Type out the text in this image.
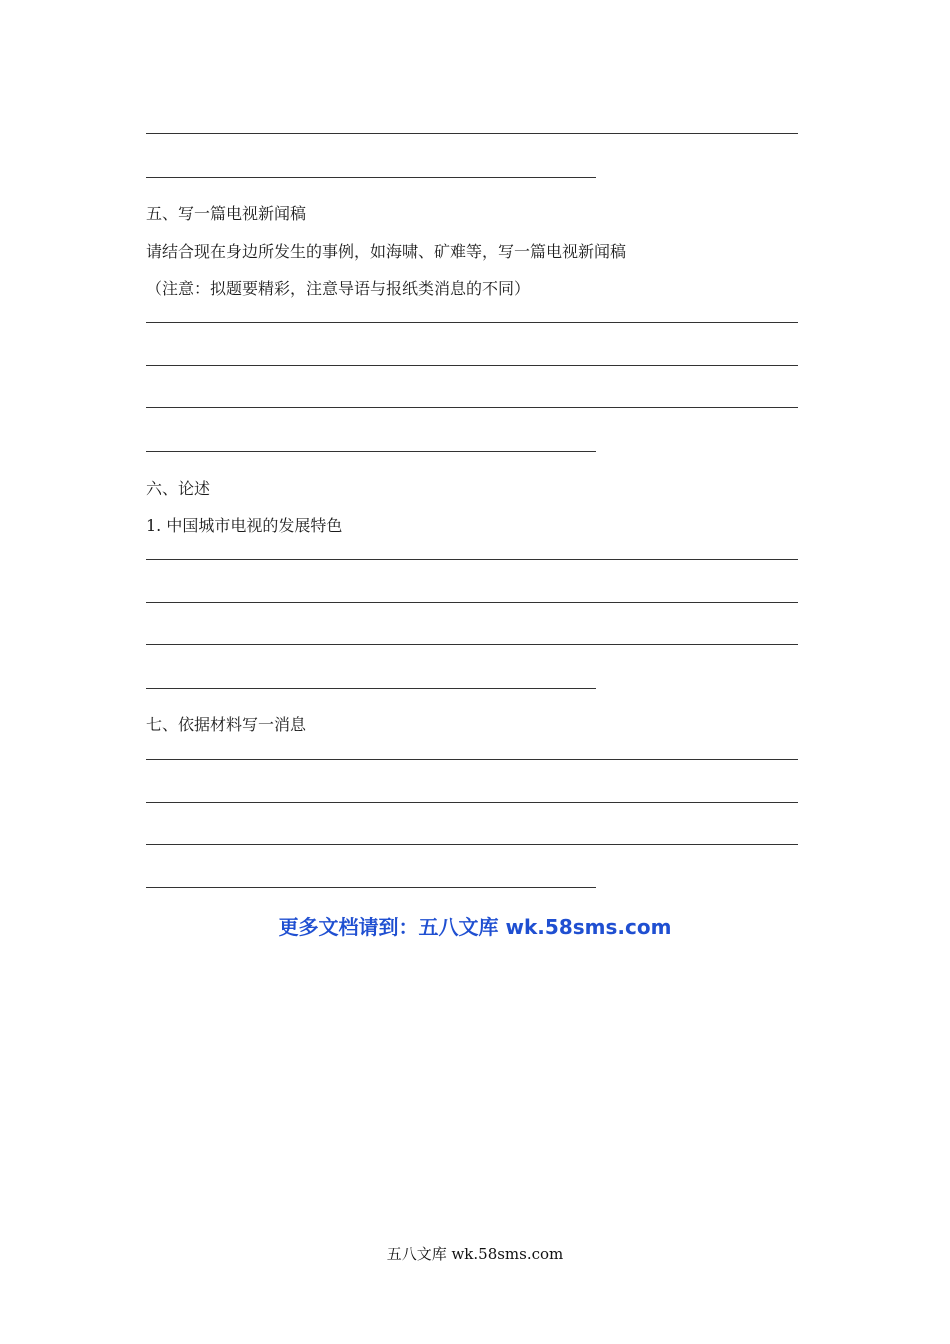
五、写一篇电视新闻稿
请结合现在身边所发生的事例，如海啸、矿难等，写一篇电视新闻稿
（注意：拟题要精彩，注意导语与报纸类消息的不同）
六、论述
1. 中国城市电视的发展特色
七、依据材料写一消息
更多文档请到：五八文库 wk.58sms.com
五八文库 wk.58sms.com
